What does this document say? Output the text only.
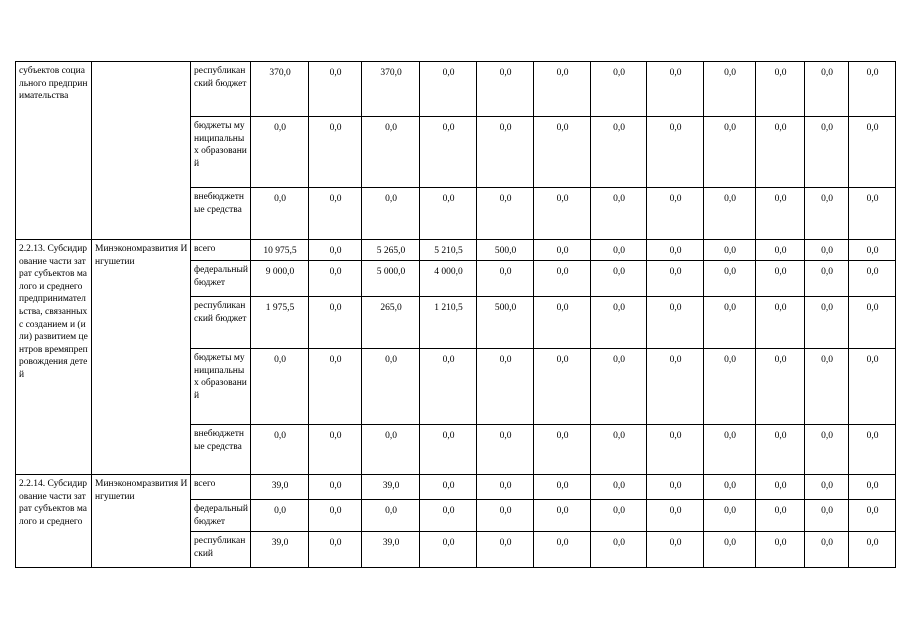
субъектов социального предпринимательства		республиканский бюджет	370,0	0,0	370,0	0,0	0,0	0,0	0,0	0,0	0,0	0,0	0,0	0,0
		бюджеты муниципальных образований	0,0	0,0	0,0	0,0	0,0	0,0	0,0	0,0	0,0	0,0	0,0	0,0
		внебюджетные средства	0,0	0,0	0,0	0,0	0,0	0,0	0,0	0,0	0,0	0,0	0,0	0,0
2.2.13. Субсидирование части затрат субъектов малого и среднего предпринимательства, связанных с созданием и (или) развитием центров времяпрепровождения детей	Минэкономразвития Ингушетии	всего	10 975,5	0,0	5 265,0	5 210,5	500,0	0,0	0,0	0,0	0,0	0,0	0,0	0,0
		федеральный бюджет	9 000,0	0,0	5 000,0	4 000,0	0,0	0,0	0,0	0,0	0,0	0,0	0,0	0,0
		республиканский бюджет	1 975,5	0,0	265,0	1 210,5	500,0	0,0	0,0	0,0	0,0	0,0	0,0	0,0
		бюджеты муниципальных образований	0,0	0,0	0,0	0,0	0,0	0,0	0,0	0,0	0,0	0,0	0,0	0,0
		внебюджетные средства	0,0	0,0	0,0	0,0	0,0	0,0	0,0	0,0	0,0	0,0	0,0	0,0
2.2.14. Субсидирование части затрат субъектов малого и среднего	Минэкономразвития Ингушетии	всего	39,0	0,0	39,0	0,0	0,0	0,0	0,0	0,0	0,0	0,0	0,0	0,0
		федеральный бюджет	0,0	0,0	0,0	0,0	0,0	0,0	0,0	0,0	0,0	0,0	0,0	0,0
		республиканский	39,0	0,0	39,0	0,0	0,0	0,0	0,0	0,0	0,0	0,0	0,0	0,0
